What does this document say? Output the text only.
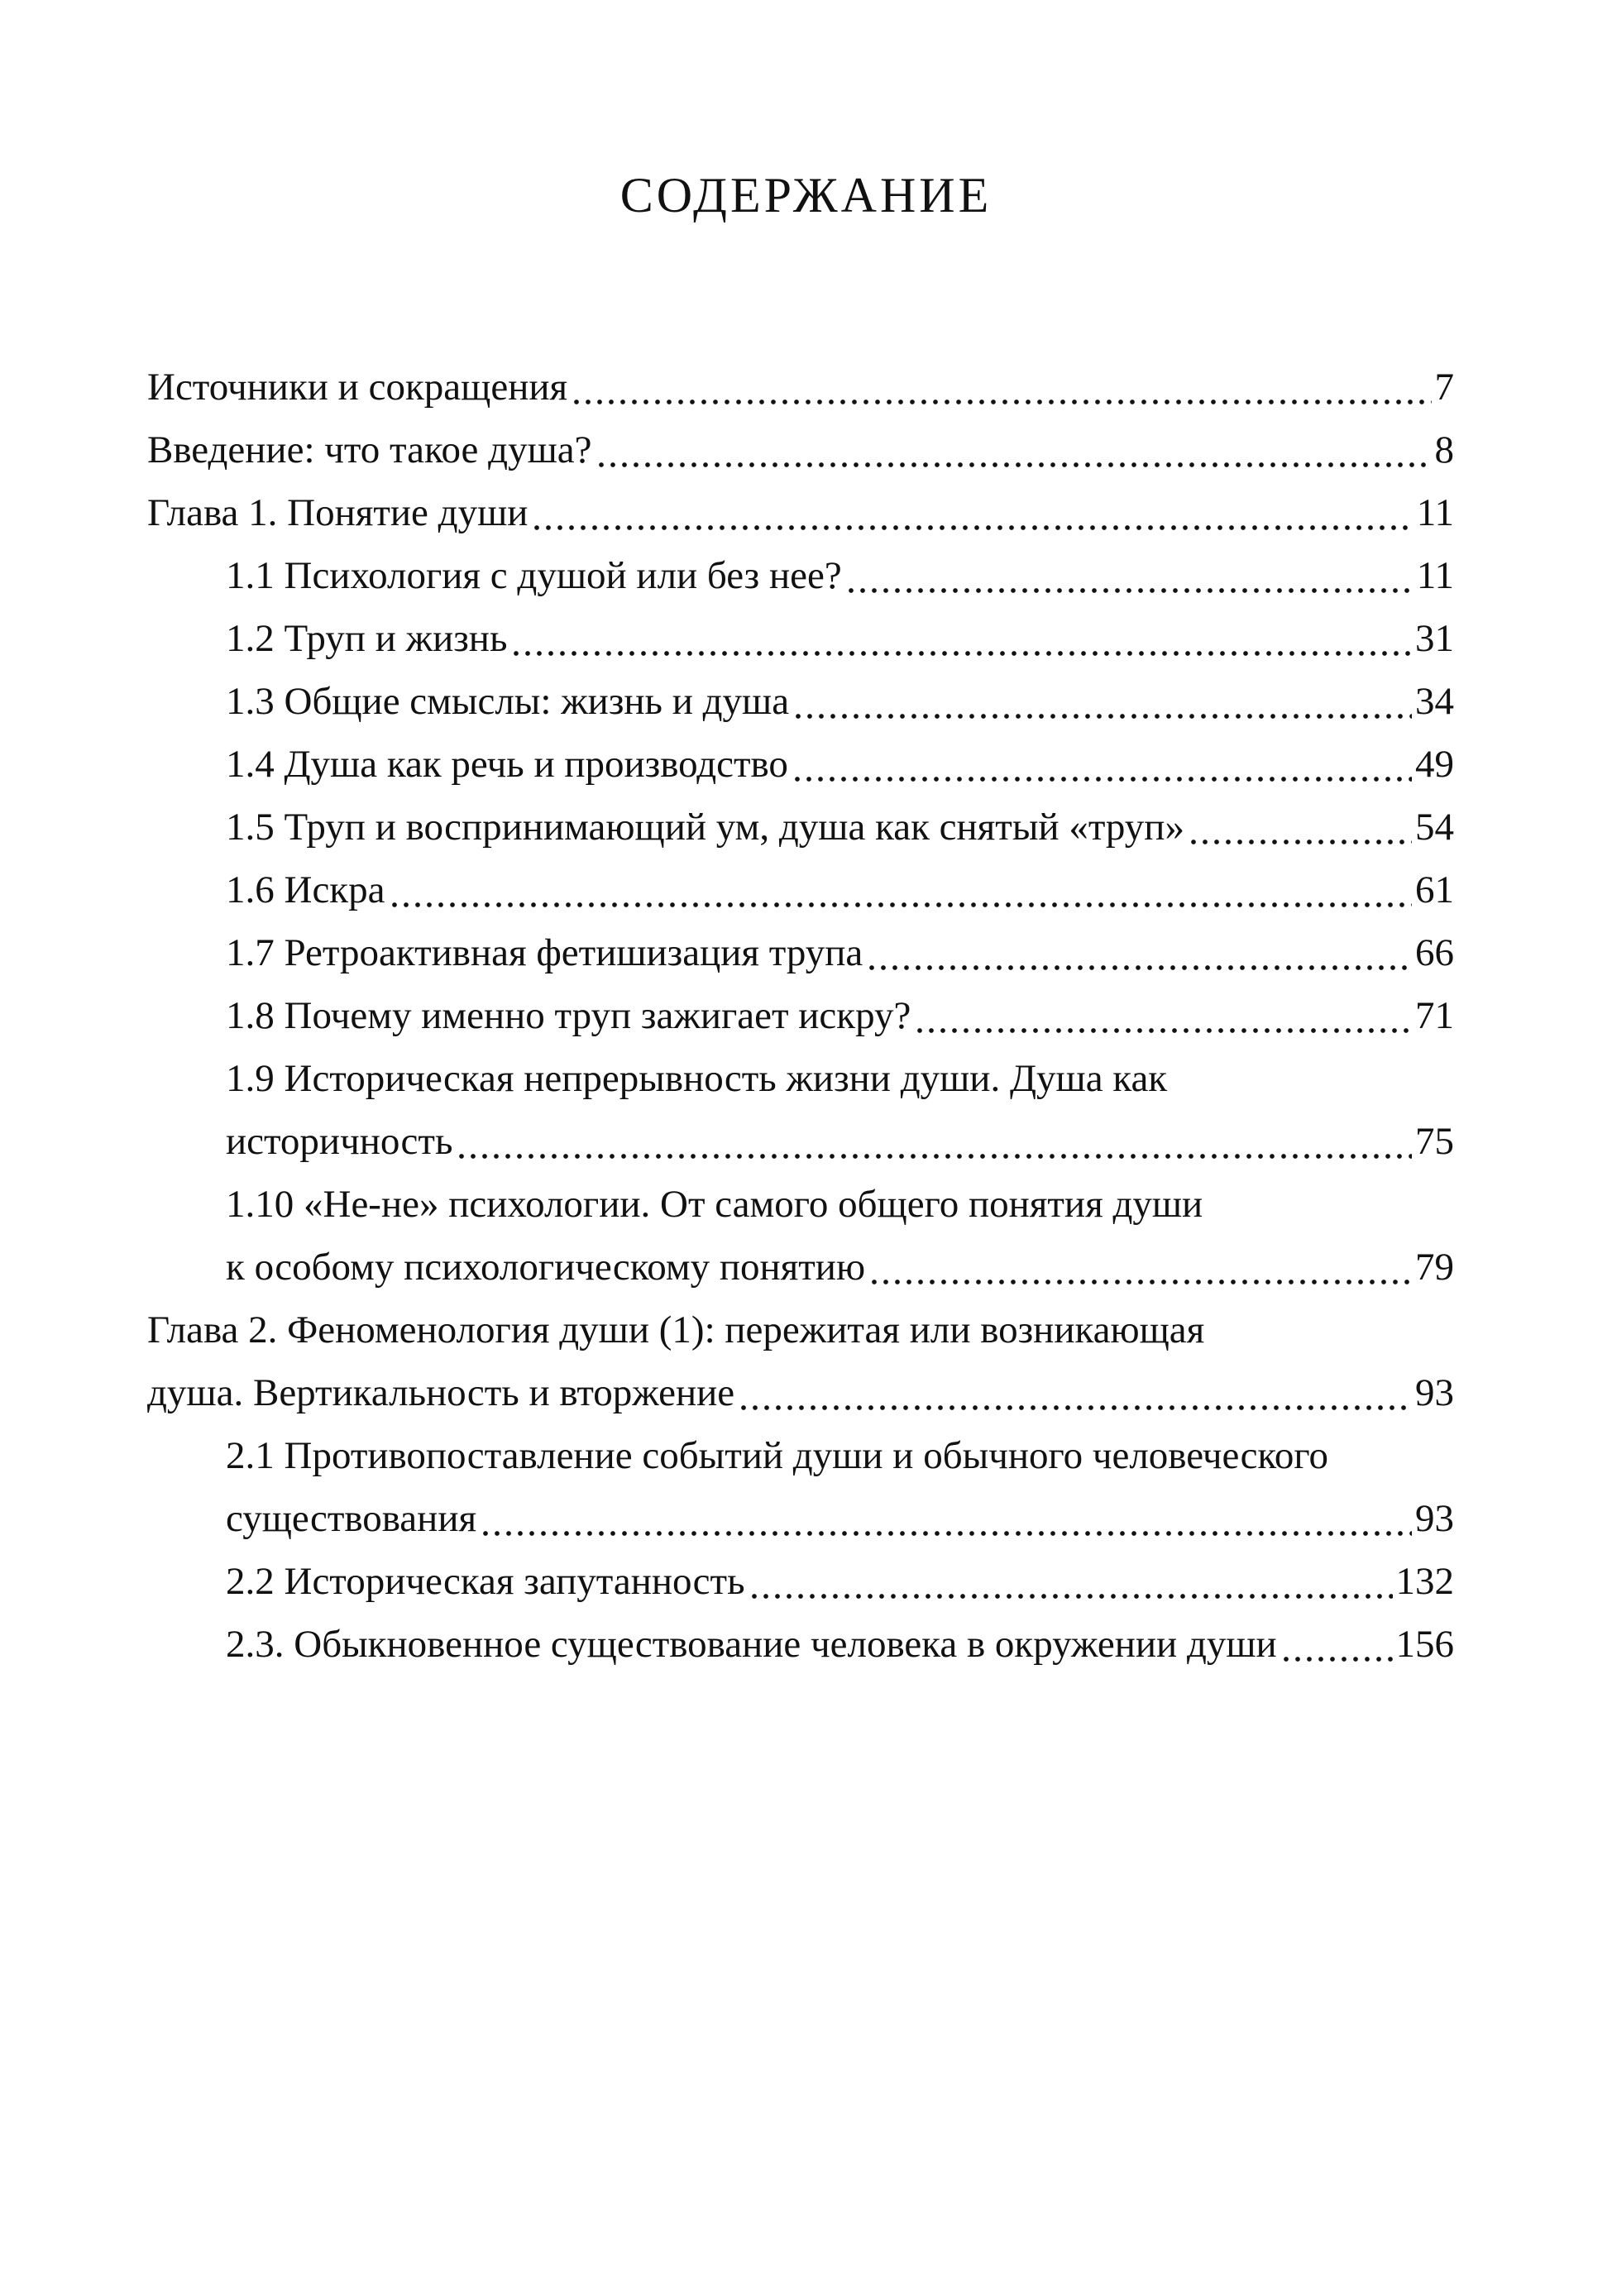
СОДЕРЖАНИЕ
Источники и сокращения	7
Введение: что такое душа?	8
Глава 1. Понятие души	11
1.1 Психология с душой или без нее?	11
1.2 Труп и жизнь	31
1.3 Общие смыслы: жизнь и душа	34
1.4 Душа как речь и производство	49
1.5 Труп и воспринимающий ум, душа как снятый «труп»	54
1.6 Искра	61
1.7 Ретроактивная фетишизация трупа	66
1.8 Почему именно труп зажигает искру?	71
1.9 Историческая непрерывность жизни души. Душа как
историчность	75
1.10 «Не-не» психологии. От самого общего понятия души
к особому психологическому понятию	79
Глава 2. Феноменология души (1): пережитая или возникающая
душа. Вертикальность и вторжение	93
2.1 Противопоставление событий души и обычного человеческого
существования	93
2.2 Историческая запутанность	132
2.3. Обыкновенное существование человека в окружении души	156
